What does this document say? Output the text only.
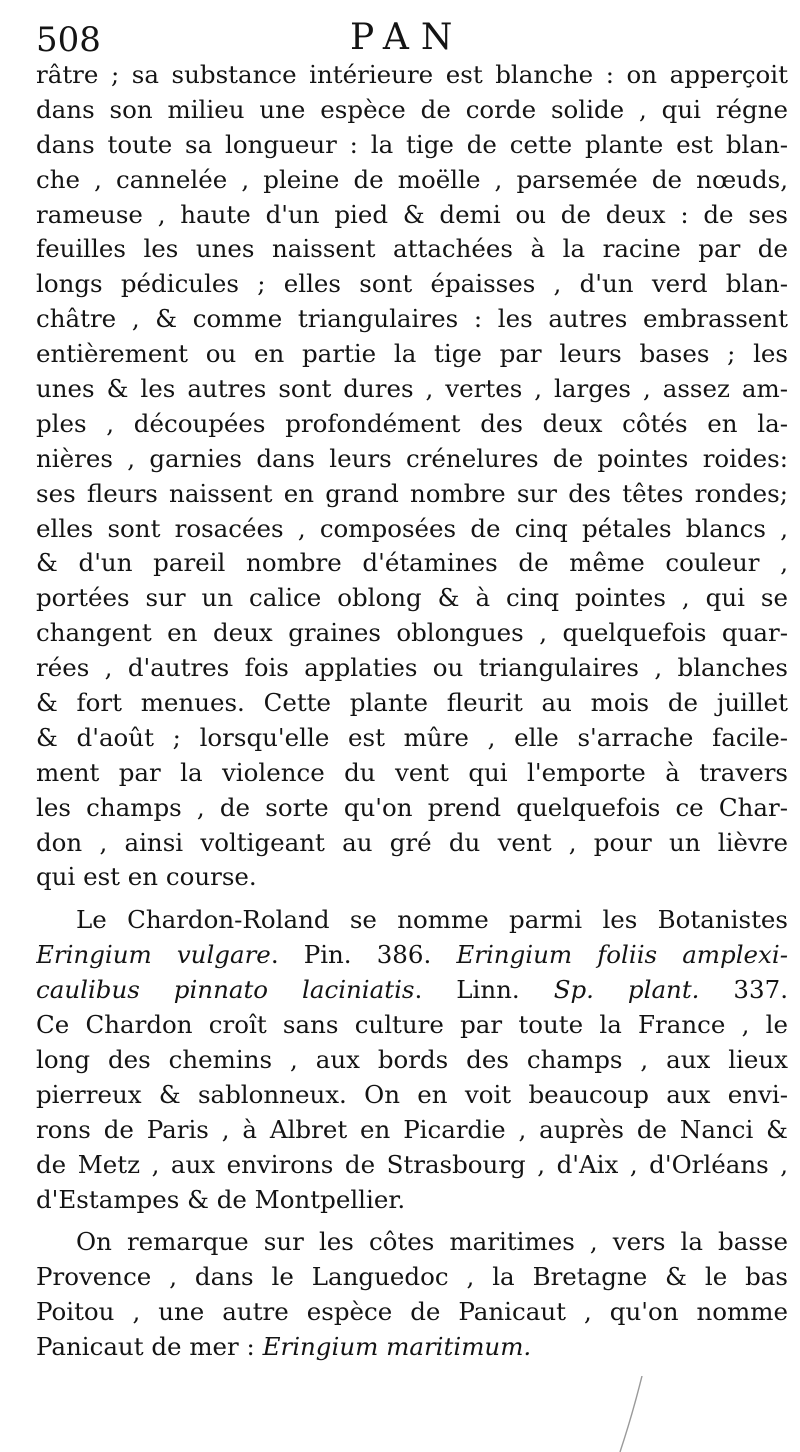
508	PAN
râtre ; sa substance intérieure est blanche : on apperçoit
dans son milieu une espèce de corde solide , qui régne
dans toute sa longueur : la tige de cette plante est blan-
che , cannelée , pleine de moëlle , parsemée de nœuds,
rameuse , haute d'un pied & demi ou de deux : de ses
feuilles les unes naissent attachées à la racine par de
longs pédicules ; elles sont épaisses , d'un verd blan-
châtre , & comme triangulaires : les autres embrassent
entièrement ou en partie la tige par leurs bases ; les
unes & les autres sont dures , vertes , larges , assez am-
ples , découpées profondément des deux côtés en la-
nières , garnies dans leurs crénelures de pointes roides:
ses fleurs naissent en grand nombre sur des têtes rondes;
elles sont rosacées , composées de cinq pétales blancs ,
& d'un pareil nombre d'étamines de même couleur ,
portées sur un calice oblong & à cinq pointes , qui se
changent en deux graines oblongues , quelquefois quar-
rées , d'autres fois applaties ou triangulaires , blanches
& fort menues. Cette plante fleurit au mois de juillet
& d'août ; lorsqu'elle est mûre , elle s'arrache facile-
ment par la violence du vent qui l'emporte à travers
les champs , de sorte qu'on prend quelquefois ce Char-
don , ainsi voltigeant au gré du vent , pour un lièvre
qui est en course.
Le Chardon-Roland se nomme parmi les Botanistes
Eringium vulgare. Pin. 386. Eringium foliis amplexi-
caulibus pinnato laciniatis. Linn. Sp. plant. 337.
Ce Chardon croît sans culture par toute la France , le
long des chemins , aux bords des champs , aux lieux
pierreux & sablonneux. On en voit beaucoup aux envi-
rons de Paris , à Albret en Picardie , auprès de Nanci &
de Metz , aux environs de Strasbourg , d'Aix , d'Orléans ,
d'Estampes & de Montpellier.
On remarque sur les côtes maritimes , vers la basse
Provence , dans le Languedoc , la Bretagne & le bas
Poitou , une autre espèce de Panicaut , qu'on nomme
Panicaut de mer : Eringium maritimum.
